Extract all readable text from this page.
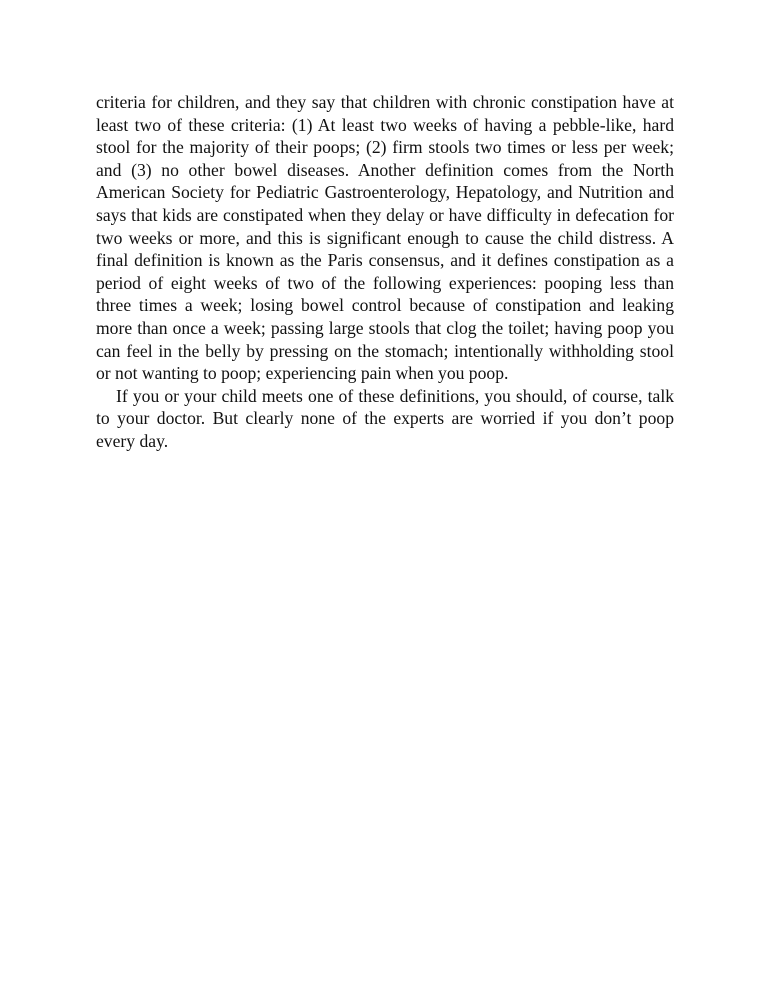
criteria for children, and they say that children with chronic constipation have at least two of these criteria: (1) At least two weeks of having a pebble-like, hard stool for the majority of their poops; (2) firm stools two times or less per week; and (3) no other bowel diseases. Another definition comes from the North American Society for Pediatric Gastroenterology, Hepatology, and Nutrition and says that kids are constipated when they delay or have difficulty in defecation for two weeks or more, and this is significant enough to cause the child distress. A final definition is known as the Paris consensus, and it defines constipation as a period of eight weeks of two of the following experiences: pooping less than three times a week; losing bowel control because of constipation and leaking more than once a week; passing large stools that clog the toilet; having poop you can feel in the belly by pressing on the stomach; intentionally withholding stool or not wanting to poop; experiencing pain when you poop.

If you or your child meets one of these definitions, you should, of course, talk to your doctor. But clearly none of the experts are worried if you don’t poop every day.
